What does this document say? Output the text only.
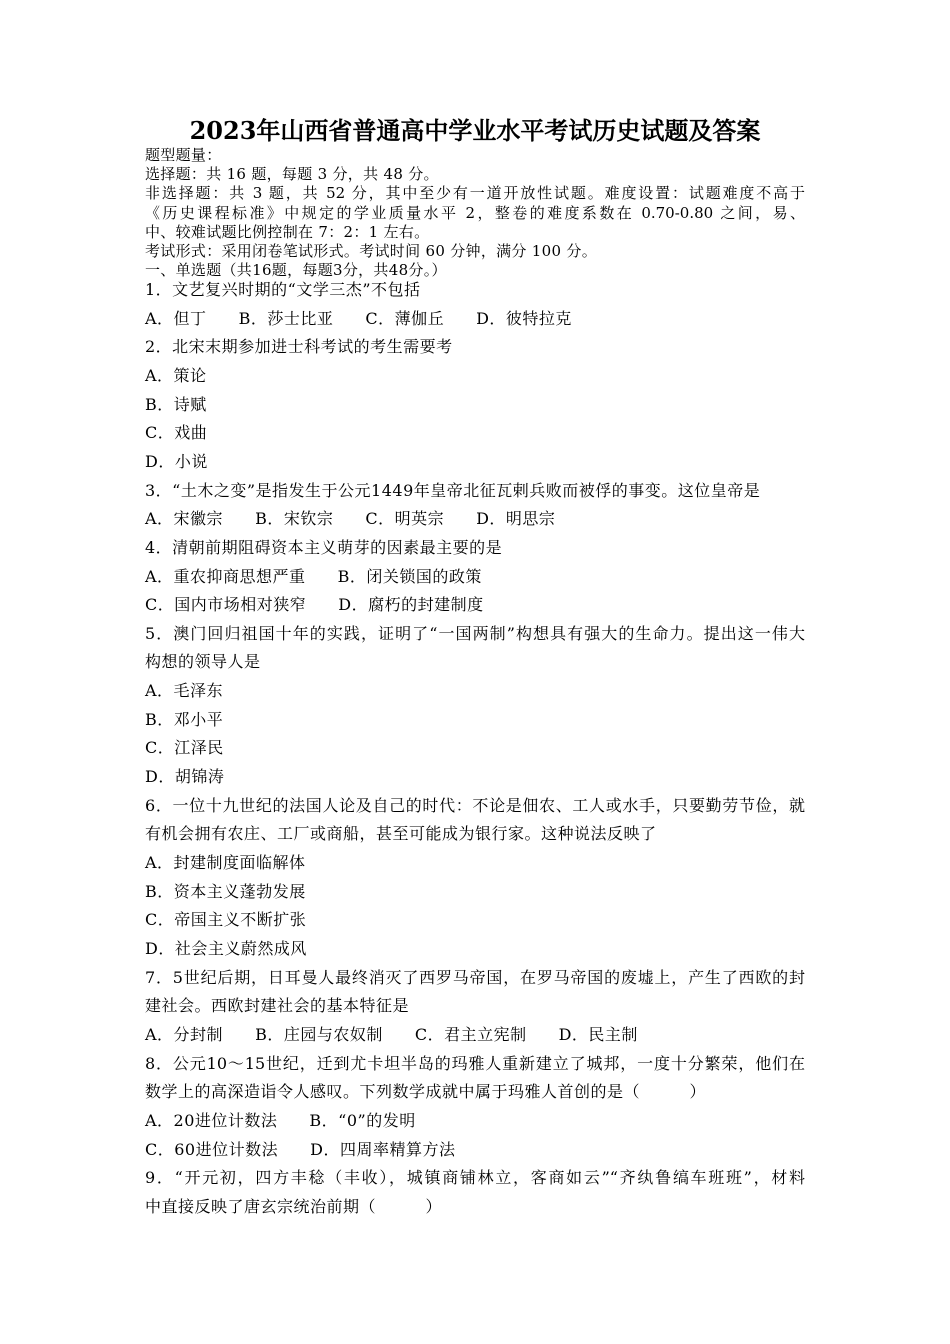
2023年山西省普通高中学业水平考试历史试题及答案
题型题量：
选择题：共 16 题，每题 3 分，共 48 分。
非选择题：共 3 题，共 52 分，其中至少有一道开放性试题。难度设置：试题难度不高于
《历史课程标准》中规定的学业质量水平 2，整卷的难度系数在 0.70-0.80 之间，易、
中、较难试题比例控制在 7：2：1 左右。
考试形式：采用闭卷笔试形式。考试时间 60 分钟，满分 100 分。
一、单选题（共16题，每题3分，共48分。）
1．文艺复兴时期的“文学三杰”不包括
A．但丁 B．莎士比亚 C．薄伽丘 D．彼特拉克
2．北宋末期参加进士科考试的考生需要考
A．策论
B．诗赋
C．戏曲
D．小说
3．“土木之变”是指发生于公元1449年皇帝北征瓦剌兵败而被俘的事变。这位皇帝是
A．宋徽宗 B．宋钦宗 C．明英宗 D．明思宗
4．清朝前期阻碍资本主义萌芽的因素最主要的是
A．重农抑商思想严重 B．闭关锁国的政策
C．国内市场相对狭窄 D．腐朽的封建制度
5．澳门回归祖国十年的实践，证明了“一国两制”构想具有强大的生命力。提出这一伟大
构想的领导人是
A．毛泽东
B．邓小平
C．江泽民
D．胡锦涛
6．一位十九世纪的法国人论及自己的时代：不论是佃农、工人或水手，只要勤劳节俭，就
有机会拥有农庄、工厂或商船，甚至可能成为银行家。这种说法反映了
A．封建制度面临解体
B．资本主义蓬勃发展
C．帝国主义不断扩张
D．社会主义蔚然成风
7．5世纪后期，日耳曼人最终消灭了西罗马帝国，在罗马帝国的废墟上，产生了西欧的封
建社会。西欧封建社会的基本特征是
A．分封制 B．庄园与农奴制 C．君主立宪制 D．民主制
8．公元10～15世纪，迁到尤卡坦半岛的玛雅人重新建立了城邦，一度十分繁荣，他们在
数学上的高深造诣令人感叹。下列数学成就中属于玛雅人首创的是（　　　）
A．20进位计数法 B．“0”的发明
C．60进位计数法 D．四周率精算方法
9．“开元初，四方丰稔（丰收），城镇商铺林立，客商如云”“齐纨鲁缟车班班”，材料
中直接反映了唐玄宗统治前期（　　　）
